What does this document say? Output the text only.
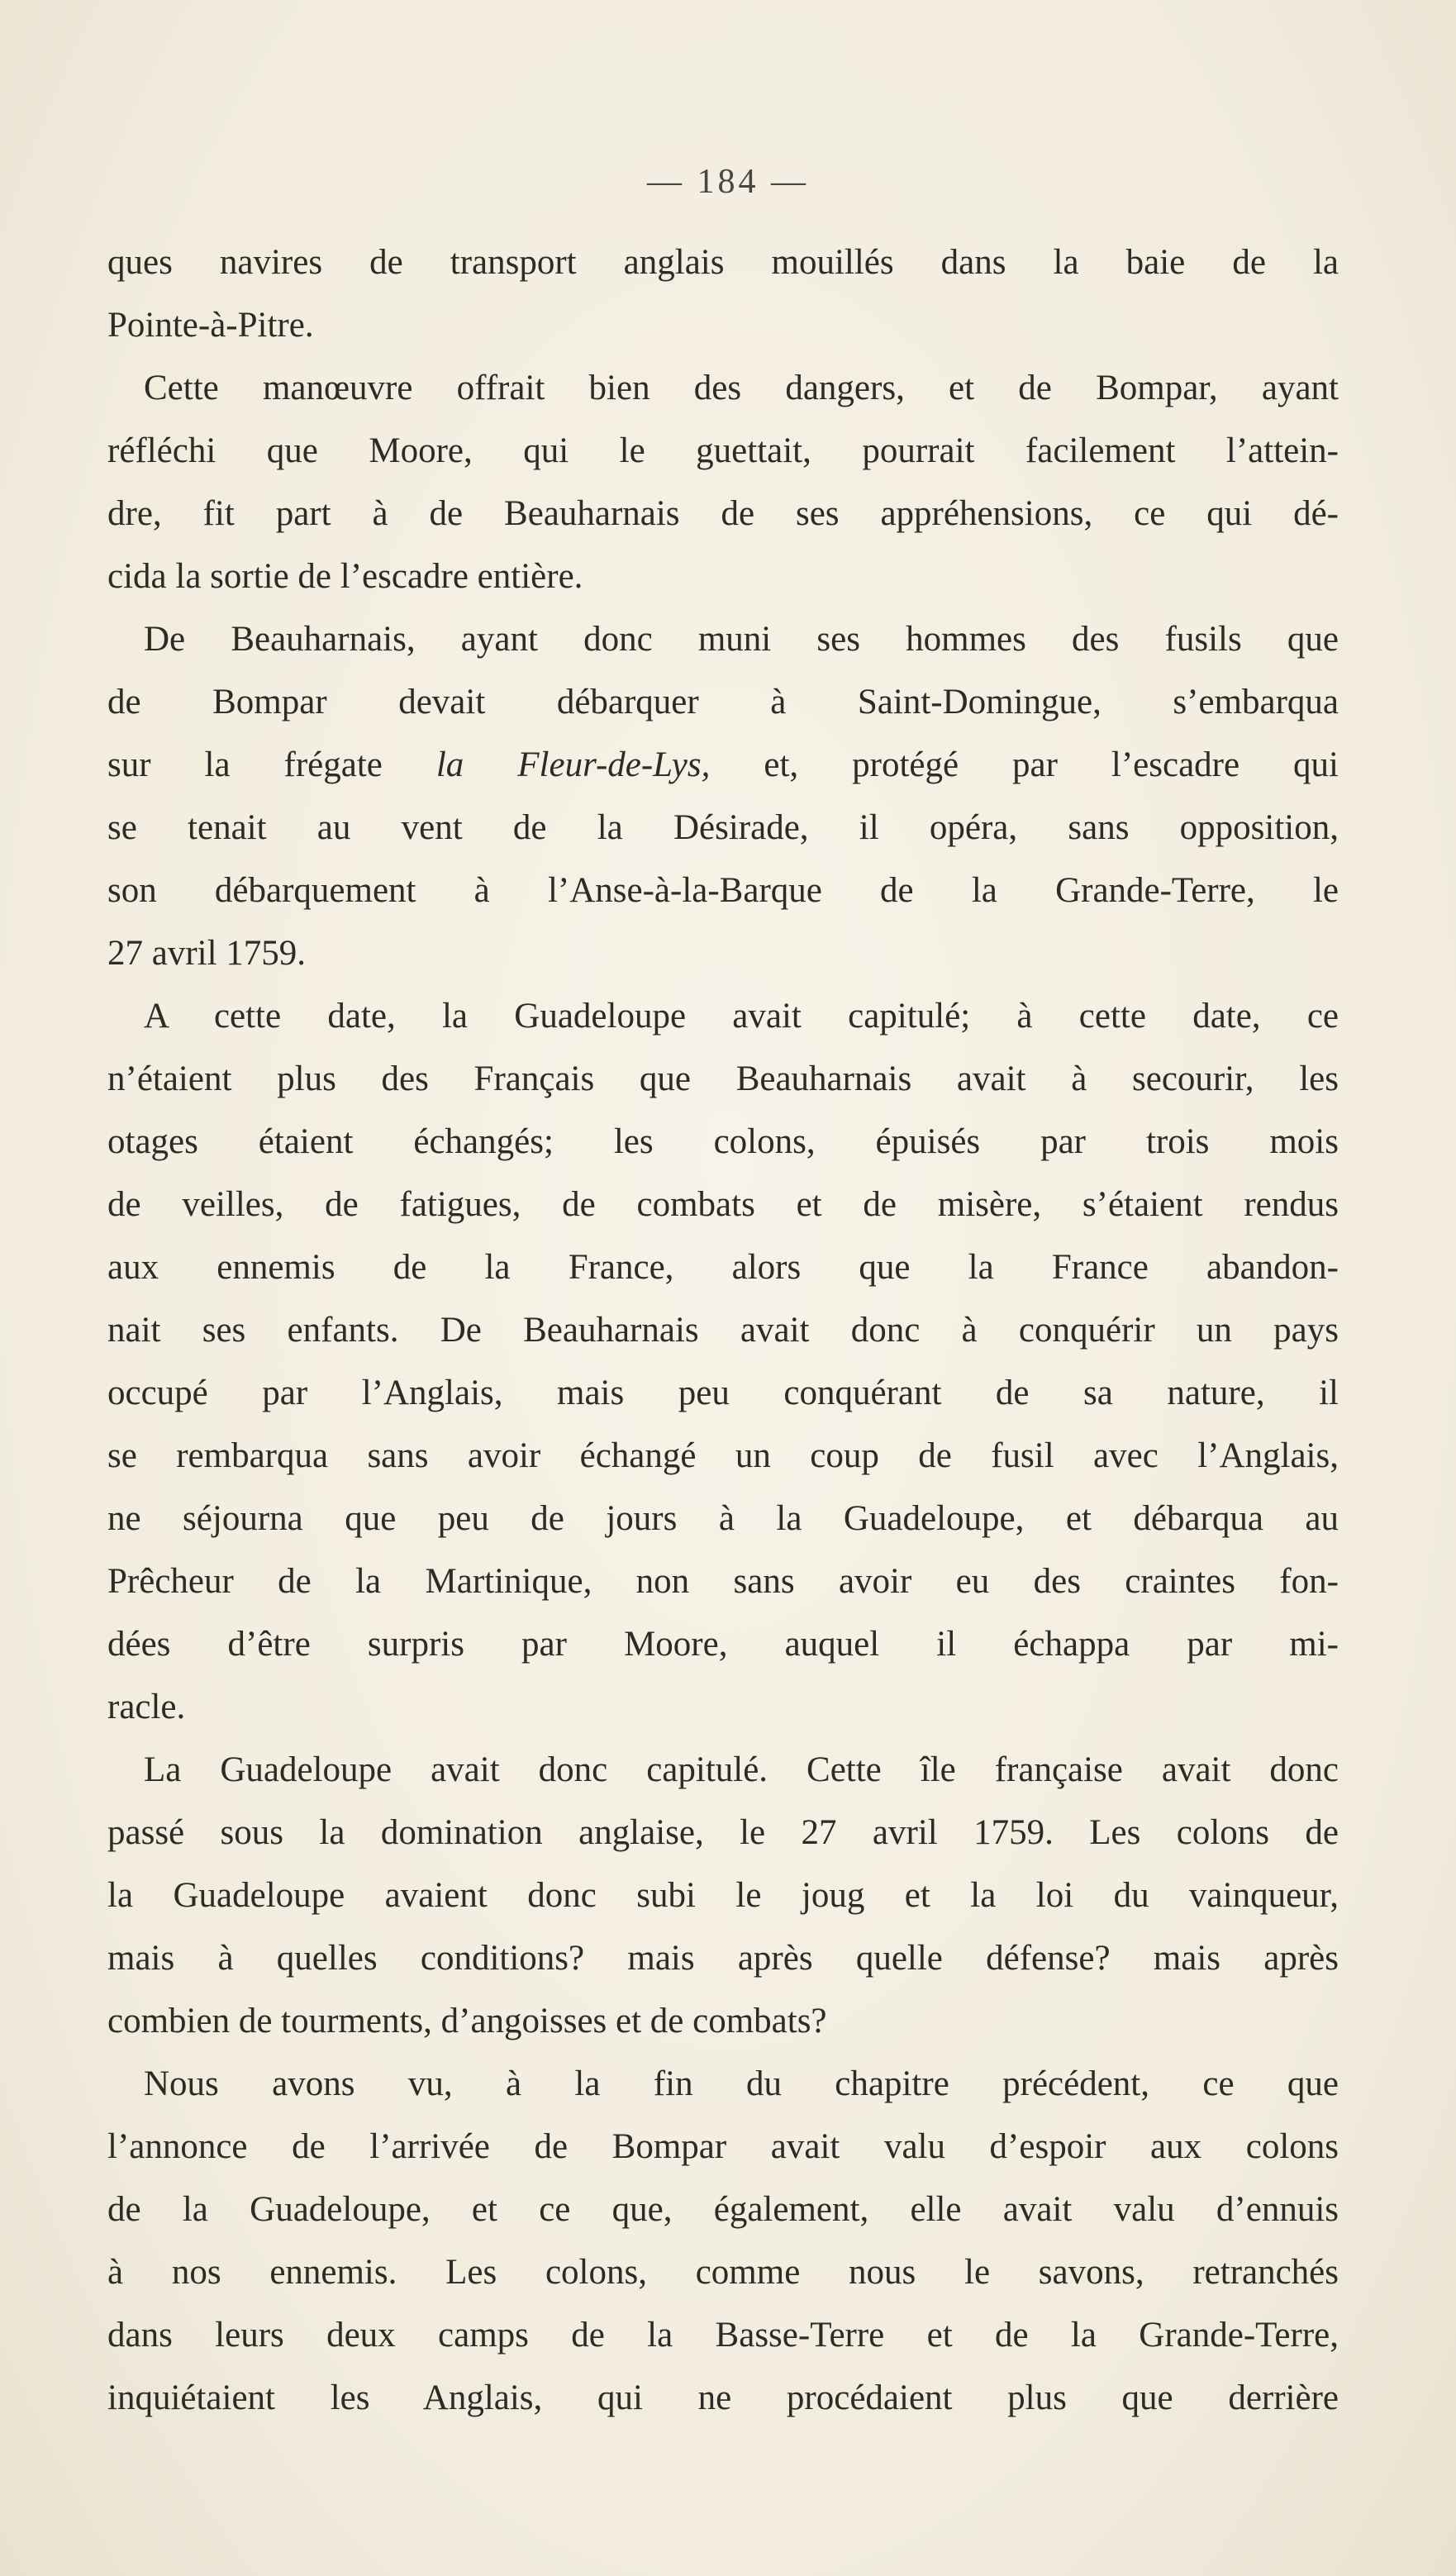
— 184 —
ques navires de transport anglais mouillés dans la baie de la
Pointe-à-Pitre.
Cette manœuvre offrait bien des dangers, et de Bompar, ayant
réfléchi que Moore, qui le guettait, pourrait facilement l’attein-
dre, fit part à de Beauharnais de ses appréhensions, ce qui dé-
cida la sortie de l’escadre entière.
De Beauharnais, ayant donc muni ses hommes des fusils que
de Bompar devait débarquer à Saint-Domingue, s’embarqua
sur la frégate la Fleur-de-Lys, et, protégé par l’escadre qui
se tenait au vent de la Désirade, il opéra, sans opposition,
son débarquement à l’Anse-à-la-Barque de la Grande-Terre, le
27 avril 1759.
A cette date, la Guadeloupe avait capitulé; à cette date, ce
n’étaient plus des Français que Beauharnais avait à secourir, les
otages étaient échangés; les colons, épuisés par trois mois
de veilles, de fatigues, de combats et de misère, s’étaient rendus
aux ennemis de la France, alors que la France abandon-
nait ses enfants. De Beauharnais avait donc à conquérir un pays
occupé par l’Anglais, mais peu conquérant de sa nature, il
se rembarqua sans avoir échangé un coup de fusil avec l’Anglais,
ne séjourna que peu de jours à la Guadeloupe, et débarqua au
Prêcheur de la Martinique, non sans avoir eu des craintes fon-
dées d’être surpris par Moore, auquel il échappa par mi-
racle.
La Guadeloupe avait donc capitulé. Cette île française avait donc
passé sous la domination anglaise, le 27 avril 1759. Les colons de
la Guadeloupe avaient donc subi le joug et la loi du vainqueur,
mais à quelles conditions? mais après quelle défense? mais après
combien de tourments, d’angoisses et de combats?
Nous avons vu, à la fin du chapitre précédent, ce que
l’annonce de l’arrivée de Bompar avait valu d’espoir aux colons
de la Guadeloupe, et ce que, également, elle avait valu d’ennuis
à nos ennemis. Les colons, comme nous le savons, retranchés
dans leurs deux camps de la Basse-Terre et de la Grande-Terre,
inquiétaient les Anglais, qui ne procédaient plus que derrière
